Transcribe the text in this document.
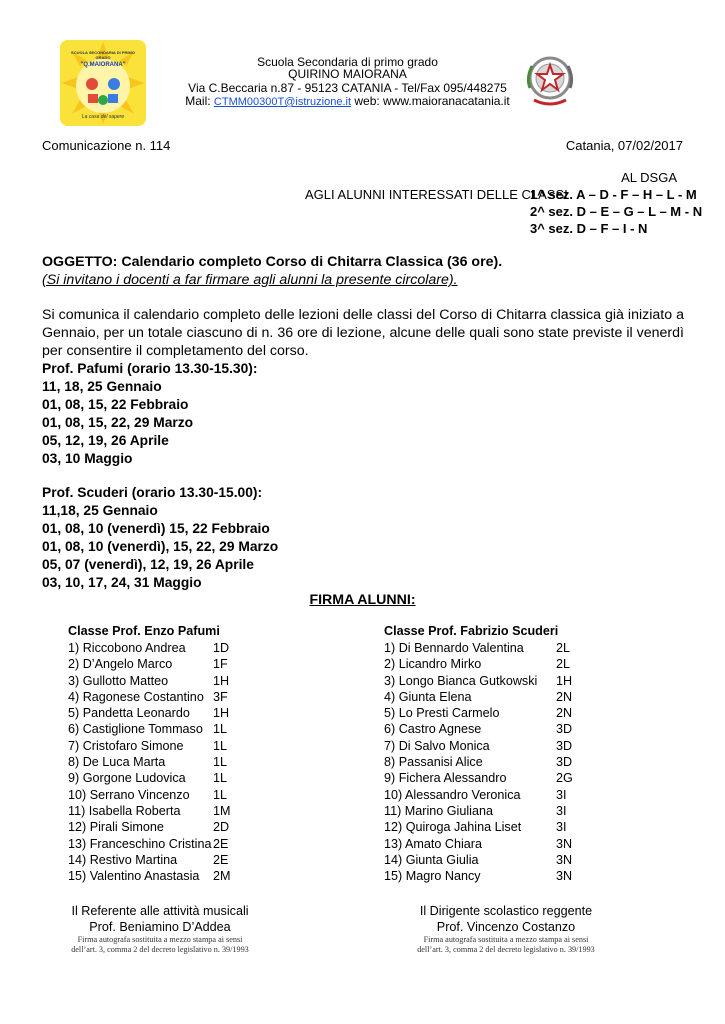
SCUOLA SECONDARIA DI PRIMO GRADO
"Q.MAIORANA"
La casa del sapere
Scuola Secondaria di primo grado
QUIRINO MAIORANA
Via C.Beccaria n.87 - 95123 CATANIA - Tel/Fax 095/448275
Mail: CTMM00300T@istruzione.it web: www.maioranacatania.it
Comunicazione n. 114	Catania, 07/02/2017
AL DSGA
AGLI ALUNNI INTERESSATI DELLE CLASSI
1^ sez. A – D - F – H – L - M
2^ sez. D – E – G – L – M - N
3^ sez. D – F – I - N
OGGETTO: Calendario completo Corso di Chitarra Classica (36 ore).
(Si invitano i docenti a far firmare agli alunni la presente circolare).
Si comunica il calendario completo delle lezioni delle classi del Corso di Chitarra classica già iniziato a Gennaio, per un totale ciascuno di n. 36 ore di lezione, alcune delle quali sono state previste il venerdì per consentire il completamento del corso.
Prof. Pafumi (orario 13.30-15.30):
11, 18, 25 Gennaio
01, 08, 15, 22 Febbraio
01, 08, 15, 22, 29 Marzo
05, 12, 19, 26 Aprile
03, 10 Maggio
Prof. Scuderi (orario 13.30-15.00):
11,18, 25 Gennaio
01, 08, 10 (venerdì) 15, 22 Febbraio
01, 08, 10 (venerdì), 15, 22, 29 Marzo
05, 07 (venerdì), 12, 19, 26 Aprile
03, 10, 17, 24, 31 Maggio
FIRMA ALUNNI:
Classe Prof. Enzo Pafumi
1) Riccobono Andrea 1D
2) D’Angelo Marco	1F
3) Gullotto Matteo	1H
4) Ragonese Costantino 3F
5) Pandetta Leonardo 1H
6) Castiglione Tommaso 1L
7) Cristofaro Simone 1L
8) De Luca Marta	1L
9) Gorgone Ludovica 1L
10) Serrano Vincenzo 1L
11) Isabella Roberta	1M
12) Pirali Simone	2D
13) Franceschino Cristina 2E
14) Restivo Martina	2E
15) Valentino Anastasia 2M
Classe Prof. Fabrizio Scuderi
1) Di Bennardo Valentina	2L
2) Licandro Mirko	2L
3) Longo Bianca Gutkowski 1H
4) Giunta Elena	2N
5) Lo Presti Carmelo	2N
6) Castro Agnese	3D
7) Di Salvo Monica	3D
8) Passanisi Alice	3D
9) Fichera Alessandro	2G
10) Alessandro Veronica	3I
11) Marino Giuliana	3I
12) Quiroga Jahina Liset	3I
13) Amato Chiara	3N
14) Giunta Giulia	3N
15) Magro Nancy	3N
Il Referente alle attività musicali
Prof. Beniamino D’Addea
Firma autografa sostituita a mezzo stampa ai sensi
dell’art. 3, comma 2 del decreto legislativo n. 39/1993
Il Dirigente scolastico reggente
Prof. Vincenzo Costanzo
Firma autografa sostituita a mezzo stampa ai sensi
dell’art. 3, comma 2 del decreto legislativo n. 39/1993
